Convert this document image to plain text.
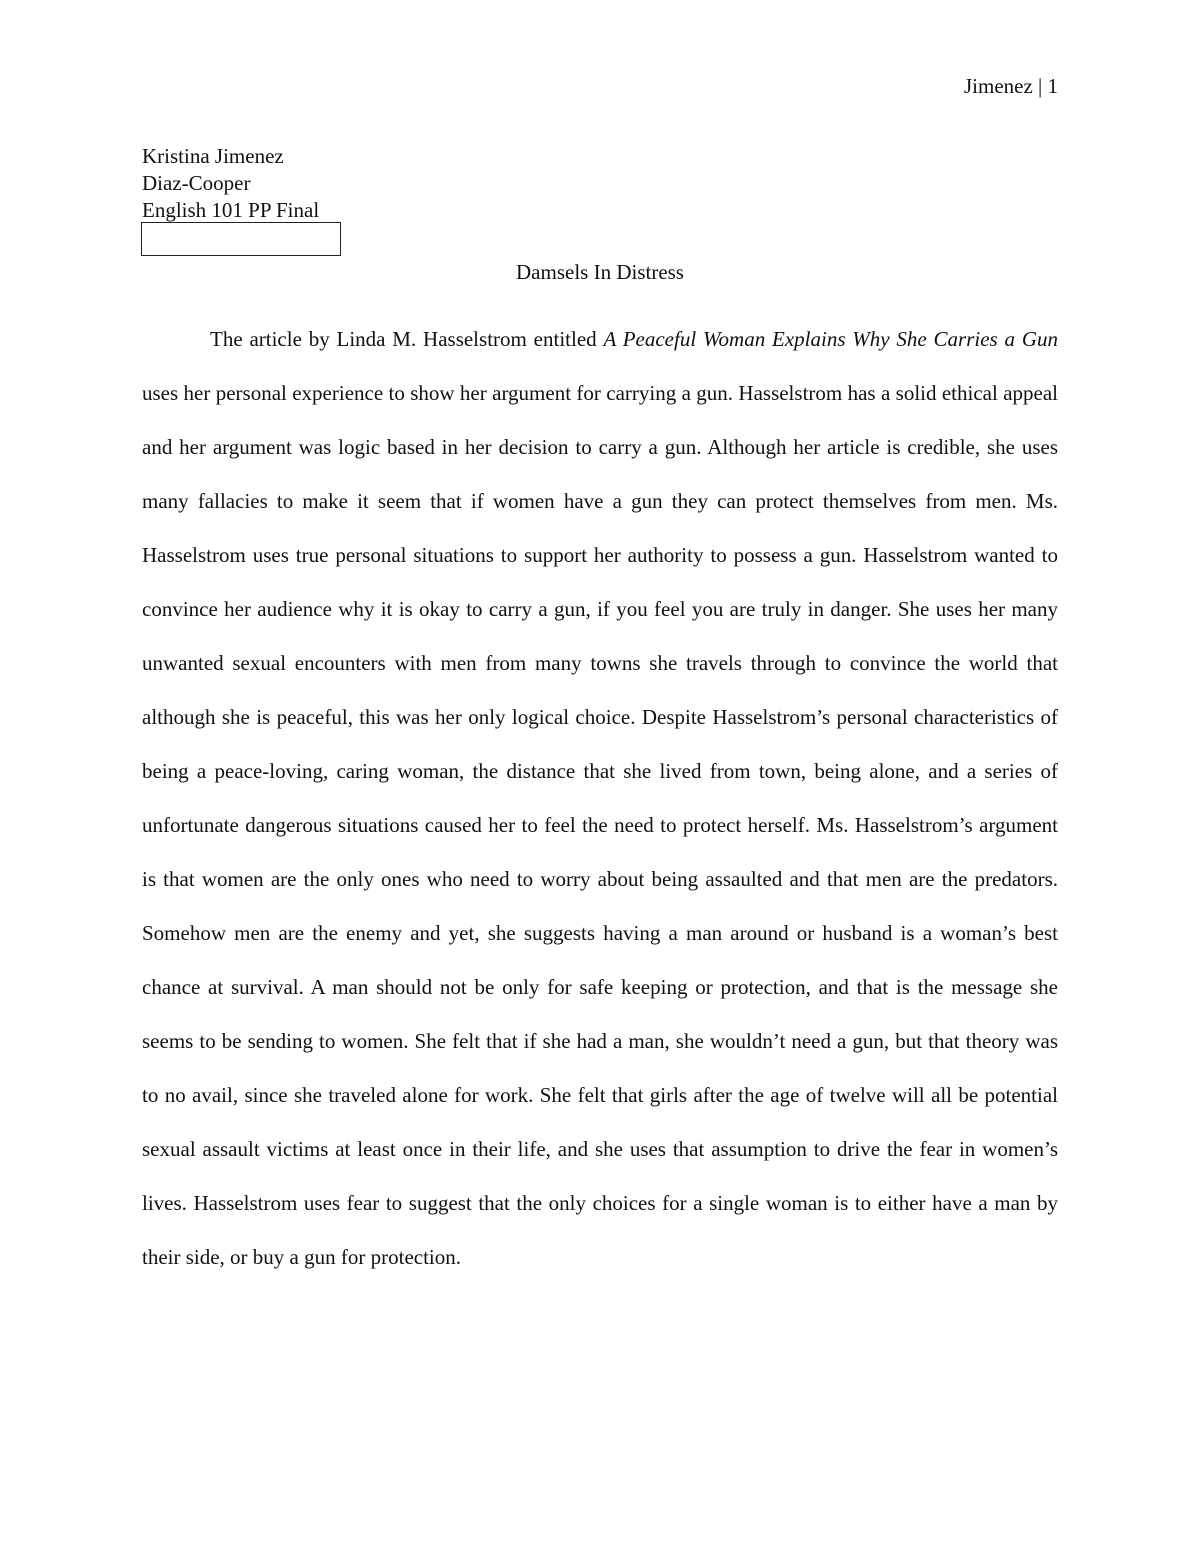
Jimenez | 1
Kristina Jimenez
Diaz-Cooper
English 101 PP Final
Damsels In Distress

The article by Linda M. Hasselstrom entitled A Peaceful Woman Explains Why She Carries a Gun uses her personal experience to show her argument for carrying a gun. Hasselstrom has a solid ethical appeal and her argument was logic based in her decision to carry a gun. Although her article is credible, she uses many fallacies to make it seem that if women have a gun they can protect themselves from men. Ms. Hasselstrom uses true personal situations to support her authority to possess a gun. Hasselstrom wanted to convince her audience why it is okay to carry a gun, if you feel you are truly in danger. She uses her many unwanted sexual encounters with men from many towns she travels through to convince the world that although she is peaceful, this was her only logical choice. Despite Hasselstrom’s personal characteristics of being a peace-loving, caring woman, the distance that she lived from town, being alone, and a series of unfortunate dangerous situations caused her to feel the need to protect herself. Ms. Hasselstrom’s argument is that women are the only ones who need to worry about being assaulted and that men are the predators. Somehow men are the enemy and yet, she suggests having a man around or husband is a woman’s best chance at survival. A man should not be only for safe keeping or protection, and that is the message she seems to be sending to women. She felt that if she had a man, she wouldn’t need a gun, but that theory was to no avail, since she traveled alone for work. She felt that girls after the age of twelve will all be potential sexual assault victims at least once in their life, and she uses that assumption to drive the fear in women’s lives. Hasselstrom uses fear to suggest that the only choices for a single woman is to either have a man by their side, or buy a gun for protection.
